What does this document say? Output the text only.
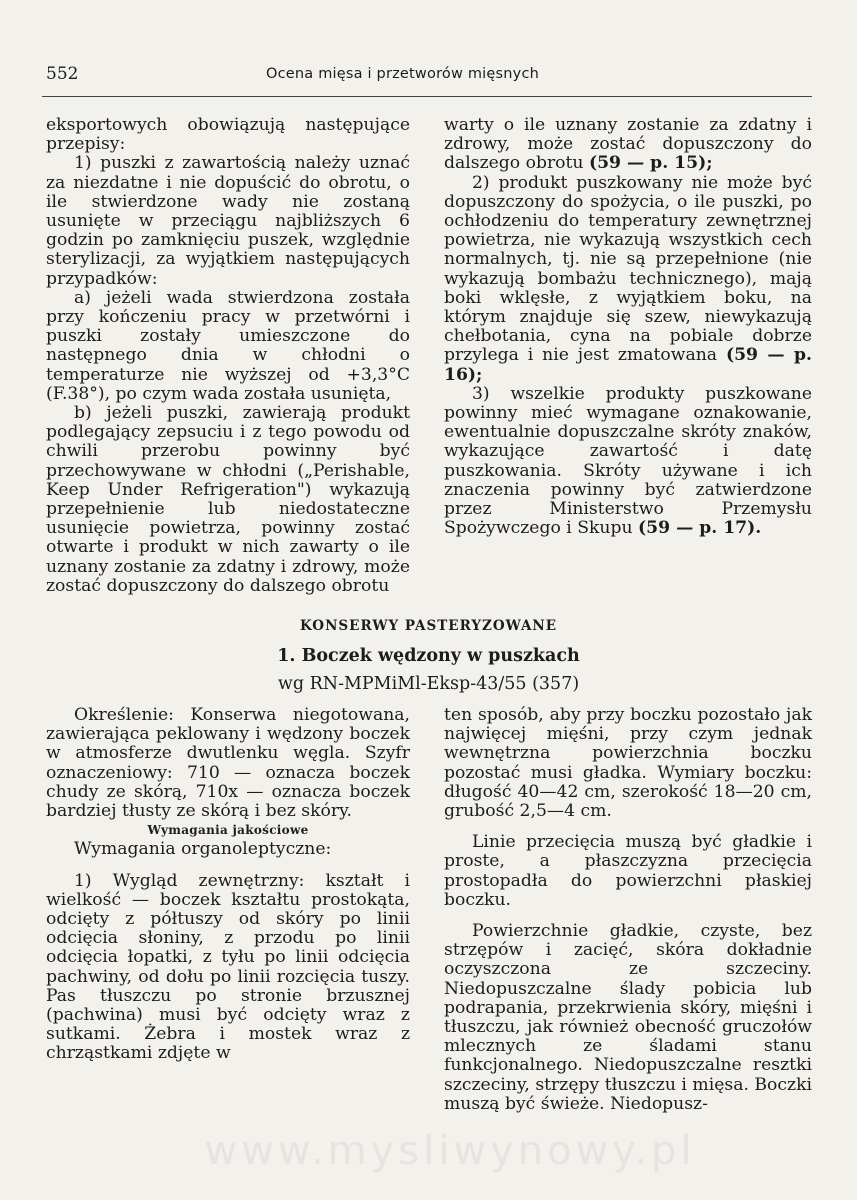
552	Ocena mięsa i przetworów mięsnych

eksportowych obowiązują następujące przepisy:

1) puszki z zawartością należy uznać za niezdatne i nie dopuścić do obrotu, o ile stwierdzone wady nie zostaną usunięte w przeciągu najbliższych 6 godzin po zamknięciu puszek, względnie sterylizacji, za wyjątkiem następujących przypadków:

a) jeżeli wada stwierdzona została przy kończeniu pracy w przetwórni i puszki zostały umieszczone do następnego dnia w chłodni o temperaturze nie wyższej od +3,3°C (F.38°), po czym wada została usunięta,

b) jeżeli puszki, zawierają produkt podlegający zepsuciu i z tego powodu od chwili przerobu powinny być przechowywane w chłodni („Perishable, Keep Under Refrigeration") wykazują przepełnienie lub niedostateczne usunięcie powietrza, powinny zostać otwarte i produkt w nich zawarty o ile uznany zostanie za zdatny i zdrowy, może zostać dopuszczony do dalszego obrotu

warty o ile uznany zostanie za zdatny i zdrowy, może zostać dopuszczony do dalszego obrotu (59 — p. 15);

2) produkt puszkowany nie może być dopuszczony do spożycia, o ile puszki, po ochłodzeniu do temperatury zewnętrznej powietrza, nie wykazują wszystkich cech normalnych, tj. nie są przepełnione (nie wykazują bombażu technicznego), mają boki wklęsłe, z wyjątkiem boku, na którym znajduje się szew, niewykazują chełbotania, cyna na pobiale dobrze przylega i nie jest zmatowana (59 — p. 16);

3) wszelkie produkty puszkowane powinny mieć wymagane oznakowanie, ewentualnie dopuszczalne skróty znaków, wykazujące zawartość i datę puszkowania. Skróty używane i ich znaczenia powinny być zatwierdzone przez Ministerstwo Przemysłu Spożywczego i Skupu (59 — p. 17).

KONSERWY PASTERYZOWANE
1. Boczek wędzony w puszkach
wg RN-MPMiMl-Eksp-43/55 (357)

Określenie: Konserwa niegotowana, zawierająca peklowany i wędzony boczek w atmosferze dwutlenku węgla. Szyfr oznaczeniowy: 710 — oznacza boczek chudy ze skórą, 710x — oznacza boczek bardziej tłusty ze skórą i bez skóry.

Wymagania jakościowe

Wymagania organoleptyczne:

1) Wygląd zewnętrzny: kształt i wielkość — boczek kształtu prostokąta, odcięty z półtuszy od skóry po linii odcięcia słoniny, z przodu po linii odcięcia łopatki, z tyłu po linii odcięcia pachwiny, od dołu po linii rozcięcia tuszy. Pas tłuszczu po stronie brzusznej (pachwina) musi być odcięty wraz z sutkami. Żebra i mostek wraz z chrząstkami zdjęte w

ten sposób, aby przy boczku pozostało jak najwięcej mięśni, przy czym jednak wewnętrzna powierzchnia boczku pozostać musi gładka. Wymiary boczku: długość 40—42 cm, szerokość 18—20 cm, grubość 2,5—4 cm.

Linie przecięcia muszą być gładkie i proste, a płaszczyzna przecięcia prostopadła do powierzchni płaskiej boczku.

Powierzchnie gładkie, czyste, bez strzępów i zacięć, skóra dokładnie oczyszczona ze szczeciny. Niedopuszczalne ślady pobicia lub podrapania, przekrwienia skóry, mięśni i tłuszczu, jak również obecność gruczołów mlecznych ze śladami stanu funkcjonalnego. Niedopuszczalne resztki szczeciny, strzępy tłuszczu i mięsa. Boczki muszą być świeże. Niedopusz-

www.mysliwynowy.pl
